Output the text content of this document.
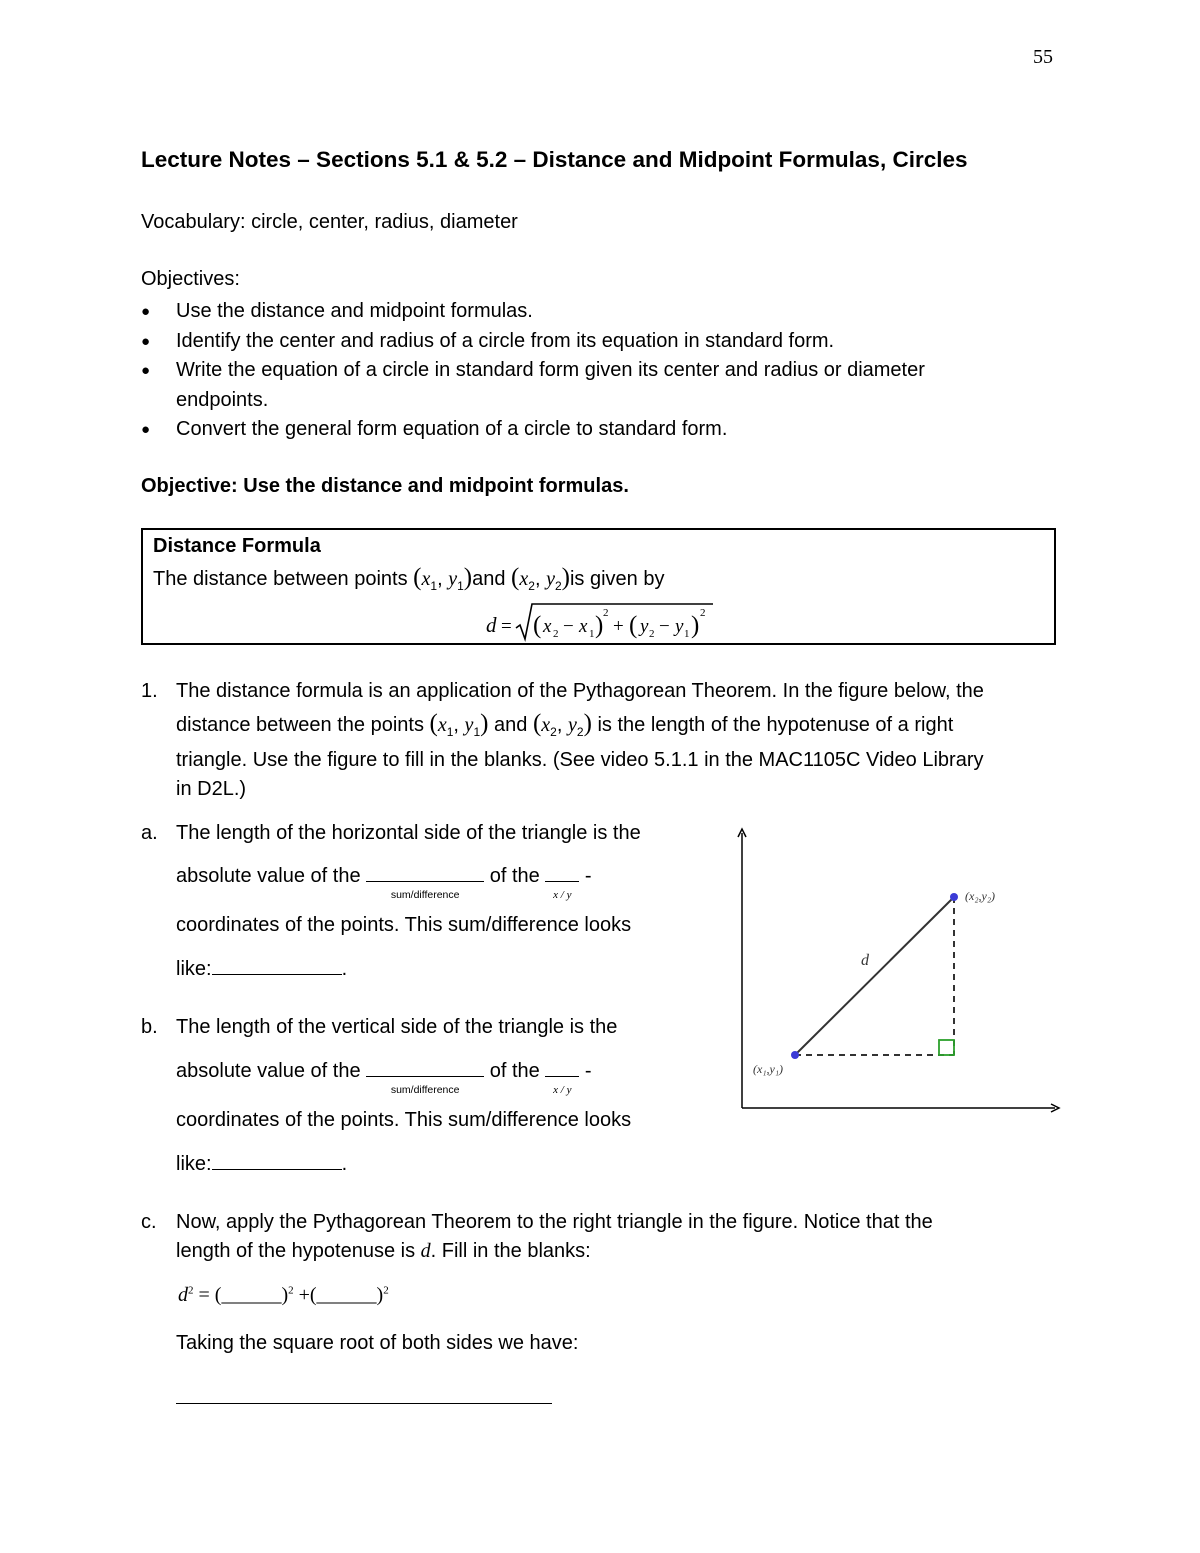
55
Lecture Notes – Sections 5.1 & 5.2 – Distance and Midpoint Formulas, Circles
Vocabulary: circle, center, radius, diameter
Objectives:
● Use the distance and midpoint formulas.
● Identify the center and radius of a circle from its equation in standard form.
● Write the equation of a circle in standard form given its center and radius or diameter endpoints.
● Convert the general form equation of a circle to standard form.
Objective: Use the distance and midpoint formulas.
Distance Formula
The distance between points ($x_1$, $y_1)and$ ($x_2$, $y_2)is$ given by
d = ( x 2 − x 1 ) 2
+ ( y 2 − y 1 ) 2
1. The distance formula is an application of the Pythagorean Theorem. In the figure below, the
distance between the points ($x_1$, $y_1$) and ($x_2$, $y_2$) is the length of the hypotenuse of a right
triangle. Use the figure to fill in the blanks. (See video 5.1.1 in the MAC1105C Video Library
in D2L.)
a. The length of the horizontal side of the triangle is the
absolute value of the
sum/difference
of the
x / y
-
coordinates of the points. This sum/difference looks
like:	.
b. The length of the vertical side of the triangle is the
absolute value of the
sum/difference
of the
x / y
-
coordinates of the points. This sum/difference looks
like:	.
(x₁,y₁)
(x₂,y₂)
d
c. Now, apply the Pythagorean Theorem to the right triangle in the figure. Notice that the
length of the hypotenuse is d. Fill in the blanks:
$d^2$ = (______)$^2$ +(______)$^2$
Taking the square root of both sides we have:
